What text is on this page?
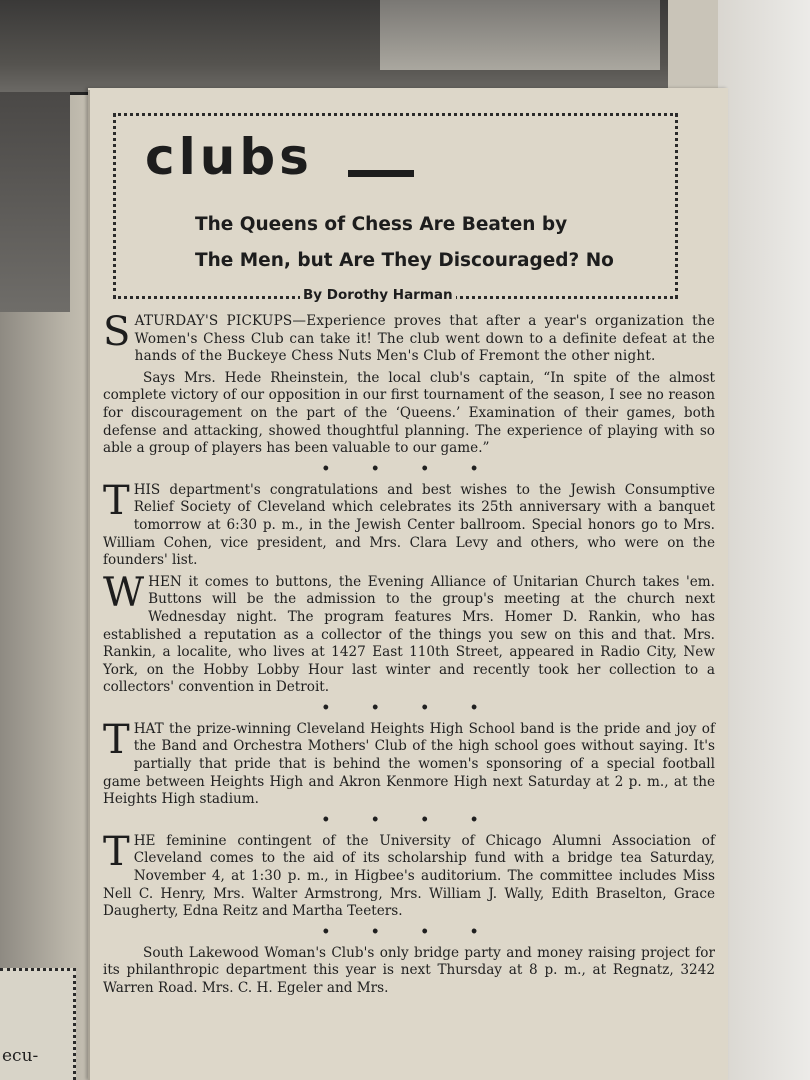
clubs
The Queens of Chess Are Beaten by
The Men, but Are They Discouraged? No
By Dorothy Harman

SATURDAY'S PICKUPS—Experience proves that after a year's organization the Women's Chess Club can take it! The club went down to a definite defeat at the hands of the Buckeye Chess Nuts Men's Club of Fremont the other night.

Says Mrs. Hede Rheinstein, the local club's captain, “In spite of the almost complete victory of our opposition in our first tournament of the season, I see no reason for discouragement on the part of the ‘Queens.’ Examination of their games, both defense and attacking, showed thoughtful planning. The experience of playing with so able a group of players has been valuable to our game.”

• • • •

THIS department's congratulations and best wishes to the Jewish Consumptive Relief Society of Cleveland which celebrates its 25th anniversary with a banquet tomorrow at 6:30 p. m., in the Jewish Center ballroom. Special honors go to Mrs. William Cohen, vice president, and Mrs. Clara Levy and others, who were on the founders' list.

WHEN it comes to buttons, the Evening Alliance of Unitarian Church takes 'em. Buttons will be the admission to the group's meeting at the church next Wednesday night. The program features Mrs. Homer D. Rankin, who has established a reputation as a collector of the things you sew on this and that. Mrs. Rankin, a localite, who lives at 1427 East 110th Street, appeared in Radio City, New York, on the Hobby Lobby Hour last winter and recently took her collection to a collectors' convention in Detroit.

• • • •

THAT the prize-winning Cleveland Heights High School band is the pride and joy of the Band and Orchestra Mothers' Club of the high school goes without saying. It's partially that pride that is behind the women's sponsoring of a special football game between Heights High and Akron Kenmore High next Saturday at 2 p. m., at the Heights High stadium.

• • • •

THE feminine contingent of the University of Chicago Alumni Association of Cleveland comes to the aid of its scholarship fund with a bridge tea Saturday, November 4, at 1:30 p. m., in Higbee's auditorium. The committee includes Miss Nell C. Henry, Mrs. Walter Armstrong, Mrs. William J. Wally, Edith Braselton, Grace Daugherty, Edna Reitz and Martha Teeters.

• • • •

South Lakewood Woman's Club's only bridge party and money raising project for its philanthropic department this year is next Thursday at 8 p. m., at Regnatz, 3242 Warren Road. Mrs. C. H. Egeler and Mrs.

ecu-
